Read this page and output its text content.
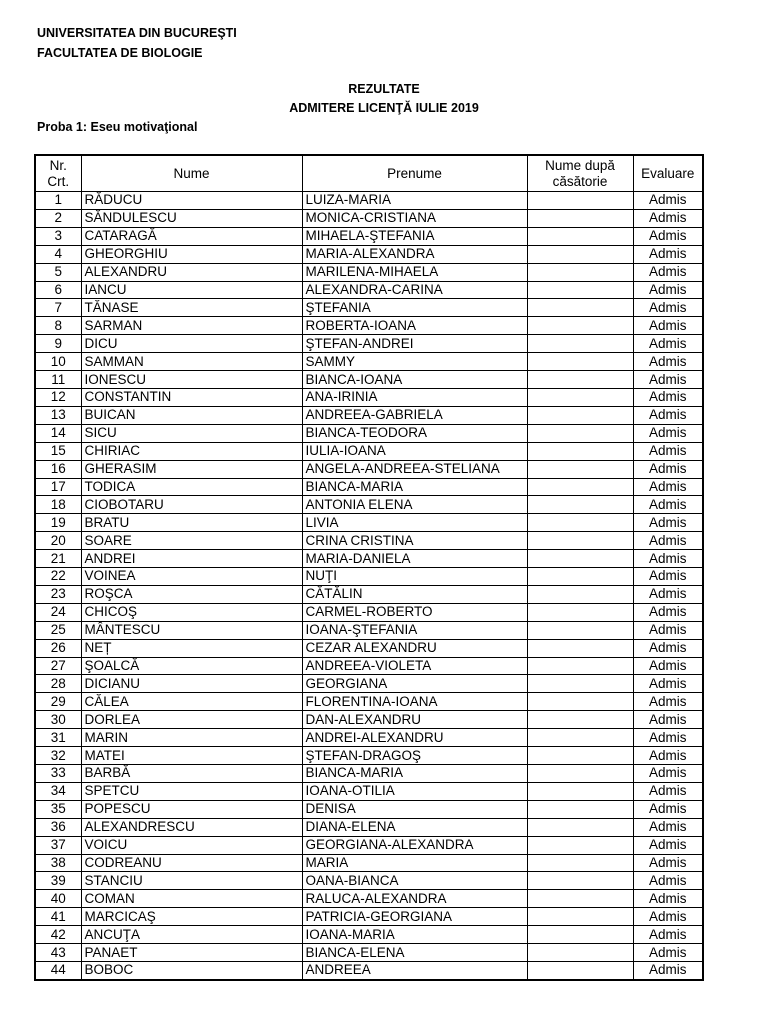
UNIVERSITATEA DIN BUCUREŞTI
FACULTATEA DE BIOLOGIE
REZULTATE
ADMITERE LICENŢĂ IULIE 2019
Proba 1: Eseu motivaţional
Nr. Crt.	Nume	Prenume	Nume după căsătorie	Evaluare
1	RĂDUCU	LUIZA-MARIA		Admis
2	SĂNDULESCU	MONICA-CRISTIANA		Admis
3	CATARAGĂ	MIHAELA-ŞTEFANIA		Admis
4	GHEORGHIU	MARIA-ALEXANDRA		Admis
5	ALEXANDRU	MARILENA-MIHAELA		Admis
6	IANCU	ALEXANDRA-CARINA		Admis
7	TĂNASE	ŞTEFANIA		Admis
8	SARMAN	ROBERTA-IOANA		Admis
9	DICU	ŞTEFAN-ANDREI		Admis
10	SAMMAN	SAMMY		Admis
11	IONESCU	BIANCA-IOANA		Admis
12	CONSTANTIN	ANA-IRINIA		Admis
13	BUICAN	ANDREEA-GABRIELA		Admis
14	SICU	BIANCA-TEODORA		Admis
15	CHIRIAC	IULIA-IOANA		Admis
16	GHERASIM	ANGELA-ANDREEA-STELIANA		Admis
17	TODICA	BIANCA-MARIA		Admis
18	CIOBOTARU	ANTONIA ELENA		Admis
19	BRATU	LIVIA		Admis
20	SOARE	CRINA CRISTINA		Admis
21	ANDREI	MARIA-DANIELA		Admis
22	VOINEA	NUŢI		Admis
23	ROŞCA	CĂTĂLIN		Admis
24	CHICOŞ	CARMEL-ROBERTO		Admis
25	MÂNTESCU	IOANA-ŞTEFANIA		Admis
26	NEȚ	CEZAR ALEXANDRU		Admis
27	ŞOALCĂ	ANDREEA-VIOLETA		Admis
28	DICIANU	GEORGIANA		Admis
29	CĂLEA	FLORENTINA-IOANA		Admis
30	DORLEA	DAN-ALEXANDRU		Admis
31	MARIN	ANDREI-ALEXANDRU		Admis
32	MATEI	ŞTEFAN-DRAGOŞ		Admis
33	BARBĂ	BIANCA-MARIA		Admis
34	SPETCU	IOANA-OTILIA		Admis
35	POPESCU	DENISA		Admis
36	ALEXANDRESCU	DIANA-ELENA		Admis
37	VOICU	GEORGIANA-ALEXANDRA		Admis
38	CODREANU	MARIA		Admis
39	STANCIU	OANA-BIANCA		Admis
40	COMAN	RALUCA-ALEXANDRA		Admis
41	MARCICAŞ	PATRICIA-GEORGIANA		Admis
42	ANCUŢA	IOANA-MARIA		Admis
43	PANAET	BIANCA-ELENA		Admis
44	BOBOC	ANDREEA		Admis
